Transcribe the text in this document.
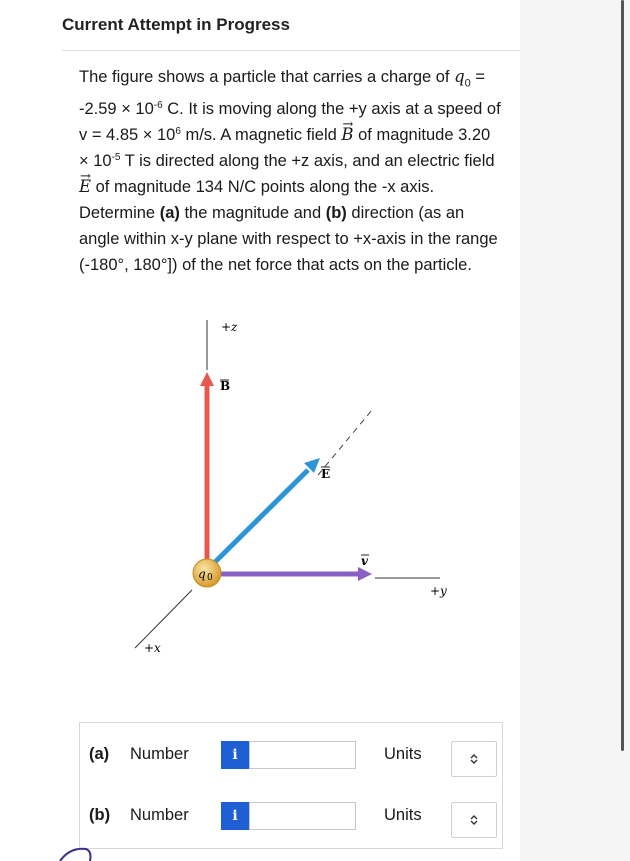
Current Attempt in Progress
The figure shows a particle that carries a charge of $q_0 = -2.59 \times 10^{-6}$ C. It is moving along the +y axis at a speed of $v = 4.85 \times 10^6$ m/s. A magnetic field → B of magnitude $3.20 \times 10^{-5}$ T is directed along the +z axis, and an electric field → E of magnitude 134 N/C points along the -x axis. Determine (a) the magnitude and (b) direction (as an angle within x-y plane with respect to +x-axis in the range (-180°, 180°]) of the net force that acts on the particle.
+z
+y
+x
B
E
v
q 0
(a) Number	i	Units
(b) Number	i	Units
